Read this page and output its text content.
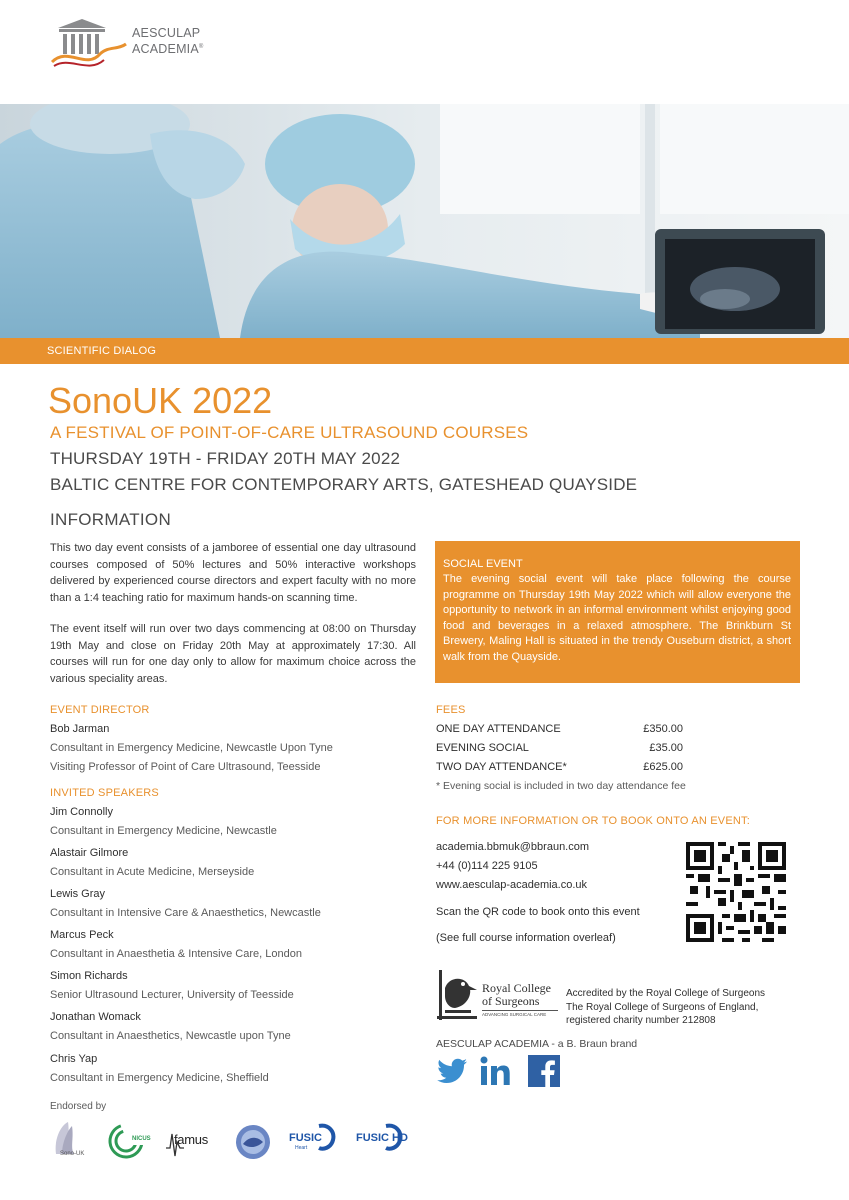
AESCULAP
ACADEMIA®
SCIENTIFIC DIALOG
SonoUK 2022
A FESTIVAL OF POINT-OF-CARE ULTRASOUND COURSES
THURSDAY 19TH - FRIDAY 20TH MAY 2022
BALTIC CENTRE FOR CONTEMPORARY ARTS, GATESHEAD QUAYSIDE
INFORMATION

This two day event consists of a jamboree of essential one day ultrasound courses composed of 50% lectures and 50% interactive workshops delivered by experienced course directors and expert faculty with no more than a 1:4 teaching ratio for maximum hands-on scanning time.

The event itself will run over two days commencing at 08:00 on Thursday 19th May and close on Friday 20th May at approximately 17:30. All courses will run for one day only to allow for maximum choice across the various speciality areas.

SOCIAL EVENT
The evening social event will take place following the course programme on Thursday 19th May 2022 which will allow everyone the opportunity to network in an informal environment whilst enjoying good food and beverages in a relaxed atmosphere. The Brinkburn St Brewery, Maling Hall is situated in the trendy Ouseburn district, a short walk from the Quayside.
EVENT DIRECTOR
Bob Jarman
Consultant in Emergency Medicine, Newcastle Upon Tyne
Visiting Professor of Point of Care Ultrasound, Teesside
INVITED SPEAKERS
Jim Connolly
Consultant in Emergency Medicine, Newcastle
Alastair Gilmore
Consultant in Acute Medicine, Merseyside
Lewis Gray
Consultant in Intensive Care & Anaesthetics, Newcastle
Marcus Peck
Consultant in Anaesthetia & Intensive Care, London
Simon Richards
Senior Ultrasound Lecturer, University of Teesside
Jonathan Womack
Consultant in Anaesthetics, Newcastle upon Tyne
Chris Yap
Consultant in Emergency Medicine, Sheffield
FEES
ONE DAY ATTENDANCE	£350.00
EVENING SOCIAL	£35.00
TWO DAY ATTENDANCE*	£625.00
* Evening social is included in two day attendance fee
FOR MORE INFORMATION OR TO BOOK ONTO AN EVENT:
academia.bbmuk@bbraun.com
+44 (0)114 225 9105
www.aesculap-academia.co.uk
Scan the QR code to book onto this event
(See full course information overleaf)
Royal College
of Surgeons
ADVANCING SURGICAL CARE
Accredited by the Royal College of Surgeons
The Royal College of Surgeons of England,
registered charity number 212808
AESCULAP ACADEMIA - a B. Braun brand
Endorsed by
Sono-UK
NICUS famus	FUSIC
Heart
FUSIC HD
